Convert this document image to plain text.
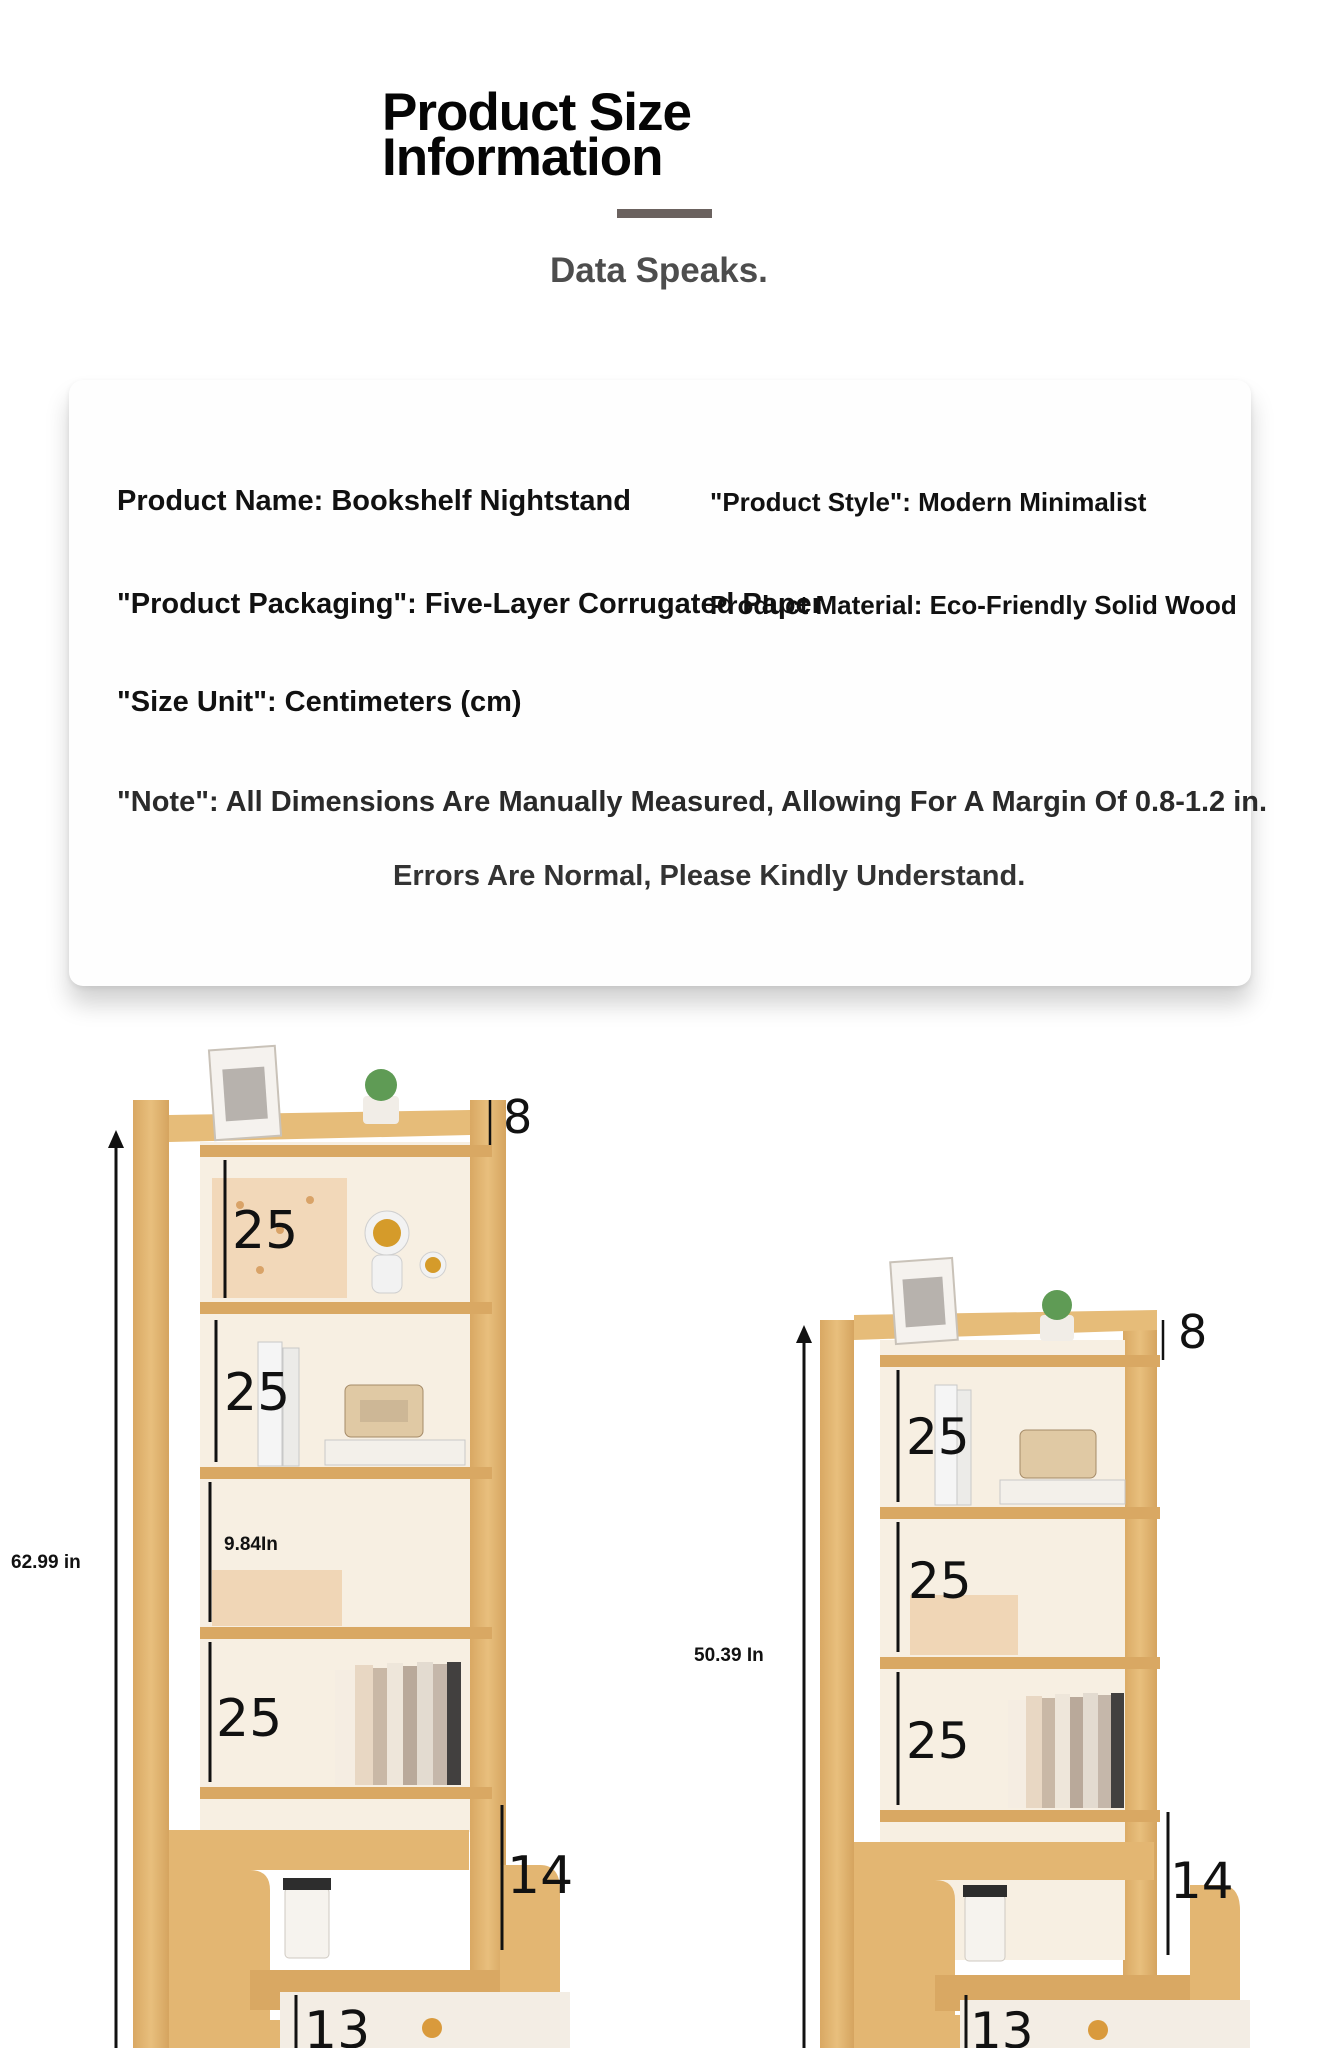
Product Size
Information
Data Speaks.
Product Name: Bookshelf Nightstand	"Product Style": Modern Minimalist
"Product Packaging": Five-Layer Corrugated Paper
Product Material: Eco-Friendly Solid Wood
"Size Unit": Centimeters (cm)
"Note": All Dimensions Are Manually Measured, Allowing For A Margin Of 0.8-1.2 in.
Errors Are Normal, Please Kindly Understand.
8
25
25
25
14
13
8
25
25
25
14
13
62.99 in
9.84In
50.39 In
